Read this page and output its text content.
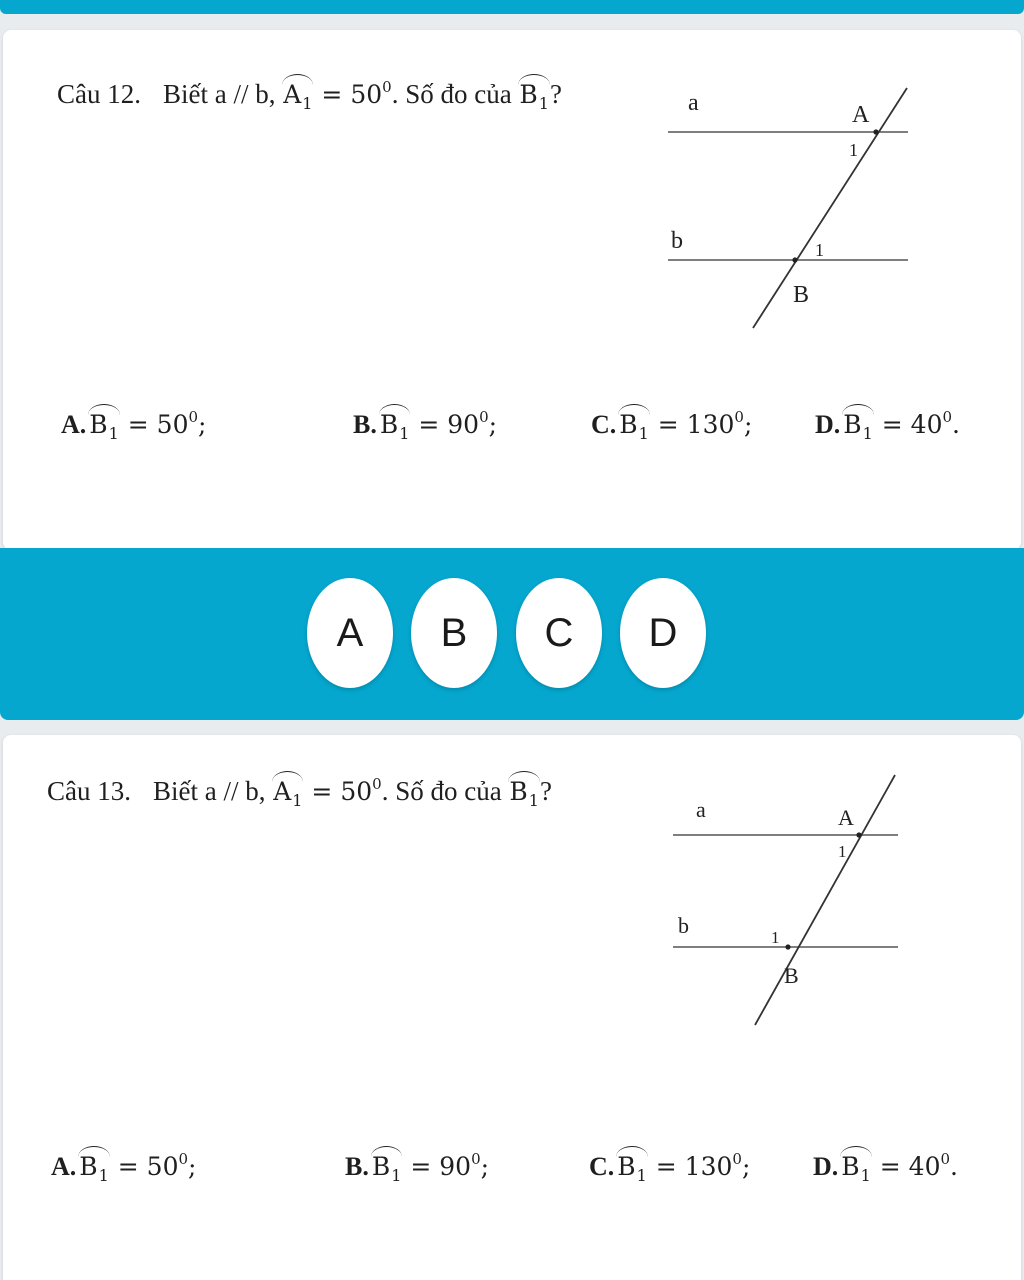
Câu 12. Biết a // b, $A_1 = 50^0$. Số đo của $B_1$?	a
b
A
B
1
1
A. $B_1 = 50^0$;	B. $B_1 = 90^0$;	C. $B_1 = 130^0$; D. $B_1 = 40^0$.
A	B	C	D
Câu 13. Biết a // b, $A_1 = 50^0$. Số đo của $B_1$?
a
b
A
B
1
1
A. $B_1 = 50^0$;	B. $B_1 = 90^0$;	C. $B_1 = 130^0$; D. $B_1 = 40^0$.
